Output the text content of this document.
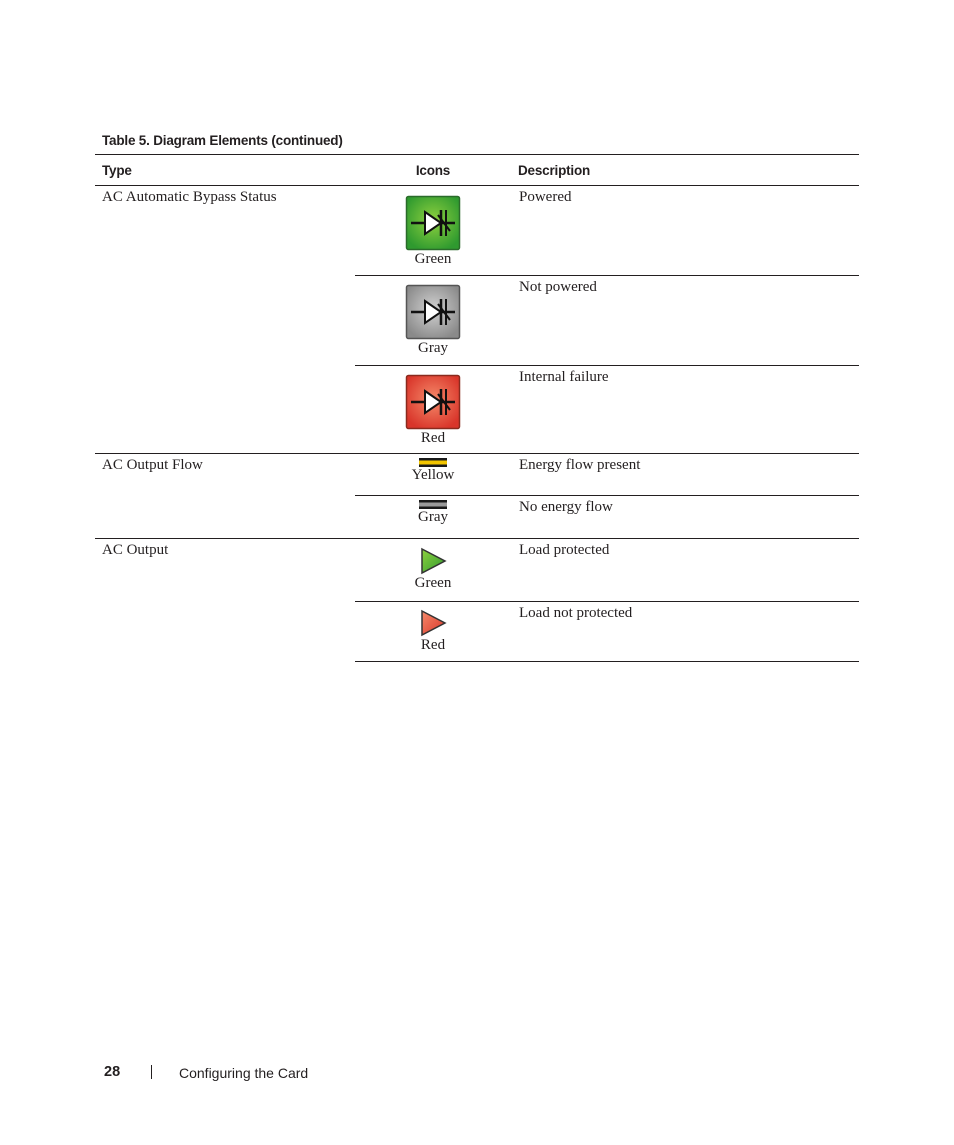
Table 5. Diagram Elements (continued)
Type	Icons	Description
AC Automatic Bypass Status	Green	Powered

	Gray	Not powered

	Red	Internal failure
AC Output Flow	Yellow	Energy flow present

	Gray	No energy flow
AC Output	Green	Load protected

	Red	Load not protected
28	Configuring the Card
